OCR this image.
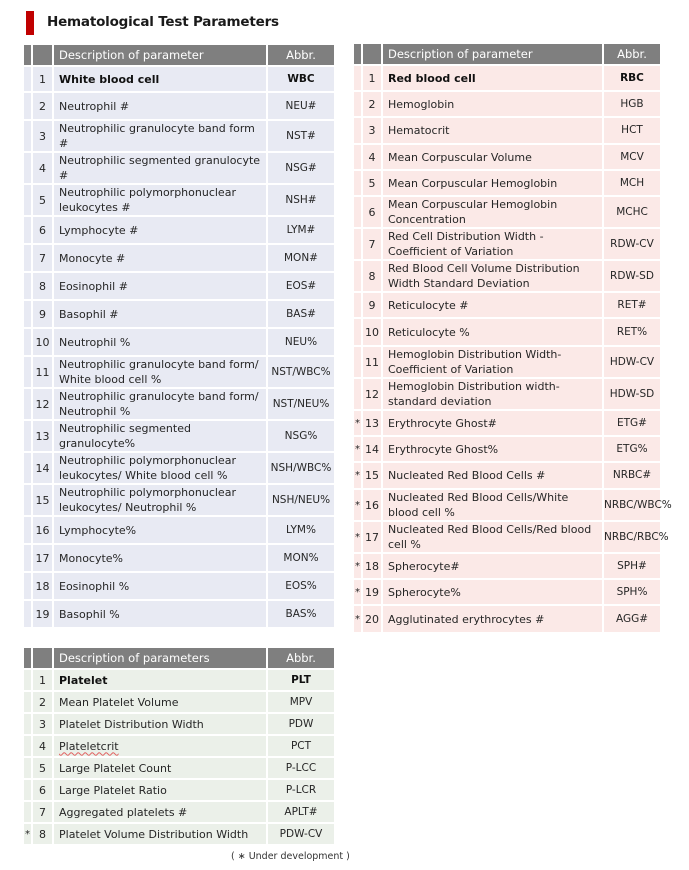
Hematological Test Parameters
		Description of parameter	Abbr.
	1	White blood cell	WBC
	2	Neutrophil #	NEU#
	3	Neutrophilic granulocyte band form #	NST#
	4	Neutrophilic segmented granulocyte #	NSG#
	5	Neutrophilic polymorphonuclear leukocytes #	NSH#
	6	Lymphocyte #	LYM#
	7	Monocyte #	MON#
	8	Eosinophil #	EOS#
	9	Basophil #	BAS#
	10	Neutrophil %	NEU%
	11	Neutrophilic granulocyte band form/ White blood cell %	NST/WBC%
	12	Neutrophilic granulocyte band form/ Neutrophil %	NST/NEU%
	13	Neutrophilic segmented granulocyte%	NSG%
	14	Neutrophilic polymorphonuclear leukocytes/ White blood cell %	NSH/WBC%
	15	Neutrophilic polymorphonuclear leukocytes/ Neutrophil %	NSH/NEU%
	16	Lymphocyte%	LYM%
	17	Monocyte%	MON%
	18	Eosinophil %	EOS%
	19	Basophil %	BAS%
		Description of parameter	Abbr.
	1	Red blood cell	RBC
	2	Hemoglobin	HGB
	3	Hematocrit	HCT
	4	Mean Corpuscular Volume	MCV
	5	Mean Corpuscular Hemoglobin	MCH
	6	Mean Corpuscular Hemoglobin Concentration	MCHC
	7	Red Cell Distribution Width - Coefficient of Variation	RDW-CV
	8	Red Blood Cell Volume Distribution Width Standard Deviation	RDW-SD
	9	Reticulocyte #	RET#
	10	Reticulocyte %	RET%
	11	Hemoglobin Distribution Width- Coefficient of Variation	HDW-CV
	12	Hemoglobin Distribution width- standard deviation	HDW-SD
*	13	Erythrocyte Ghost#	ETG#
*	14	Erythrocyte Ghost%	ETG%
*	15	Nucleated Red Blood Cells #	NRBC#
*	16	Nucleated Red Blood Cells/White blood cell %	NRBC/WBC%
*	17	Nucleated Red Blood Cells/Red blood cell %	NRBC/RBC%
*	18	Spherocyte#	SPH#
*	19	Spherocyte%	SPH%
*	20	Agglutinated erythrocytes #	AGG#
		Description of parameters	Abbr.
	1	Platelet	PLT
	2	Mean Platelet Volume	MPV
	3	Platelet Distribution Width	PDW
	4	Plateletcrit	PCT
	5	Large Platelet Count	P-LCC
	6	Large Platelet Ratio	P-LCR
	7	Aggregated platelets #	APLT#
*	8	Platelet Volume Distribution Width	PDW-CV
( ∗ Under development )
